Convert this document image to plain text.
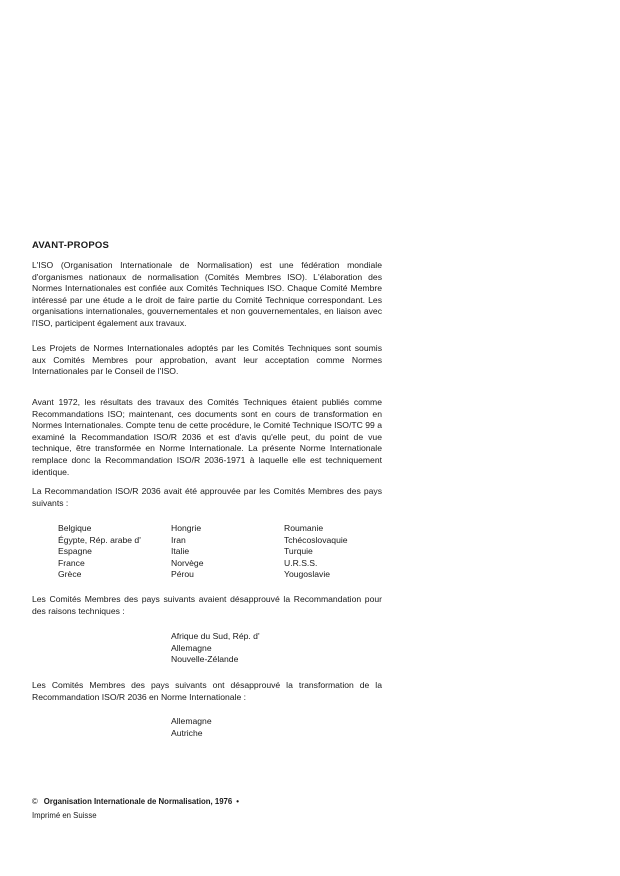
AVANT-PROPOS

L'ISO (Organisation Internationale de Normalisation) est une fédération mondiale d'organismes nationaux de normalisation (Comités Membres ISO). L'élaboration des Normes Internationales est confiée aux Comités Techniques ISO. Chaque Comité Membre intéressé par une étude a le droit de faire partie du Comité Technique correspondant. Les organisations internationales, gouvernementales et non gouvernementales, en liaison avec l'ISO, participent également aux travaux.

Les Projets de Normes Internationales adoptés par les Comités Techniques sont soumis aux Comités Membres pour approbation, avant leur acceptation comme Normes Internationales par le Conseil de l'ISO.

Avant 1972, les résultats des travaux des Comités Techniques étaient publiés comme Recommandations ISO; maintenant, ces documents sont en cours de transformation en Normes Internationales. Compte tenu de cette procédure, le Comité Technique ISO/TC 99 a examiné la Recommandation ISO/R 2036 et est d'avis qu'elle peut, du point de vue technique, être transformée en Norme Internationale. La présente Norme Internationale remplace donc la Recommandation ISO/R 2036-1971 à laquelle elle est techniquement identique.

La Recommandation ISO/R 2036 avait été approuvée par les Comités Membres des pays suivants :

Belgique
Égypte, Rép. arabe d'
Espagne
France
Grèce
Hongrie
Iran
Italie
Norvège
Pérou
Roumanie
Tchécoslovaquie
Turquie
U.R.S.S.
Yougoslavie

Les Comités Membres des pays suivants avaient désapprouvé la Recommandation pour des raisons techniques :

Afrique du Sud, Rép. d'
Allemagne
Nouvelle-Zélande

Les Comités Membres des pays suivants ont désapprouvé la transformation de la Recommandation ISO/R 2036 en Norme Internationale :

Allemagne
Autriche
© Organisation Internationale de Normalisation, 1976 •
Imprimé en Suisse
